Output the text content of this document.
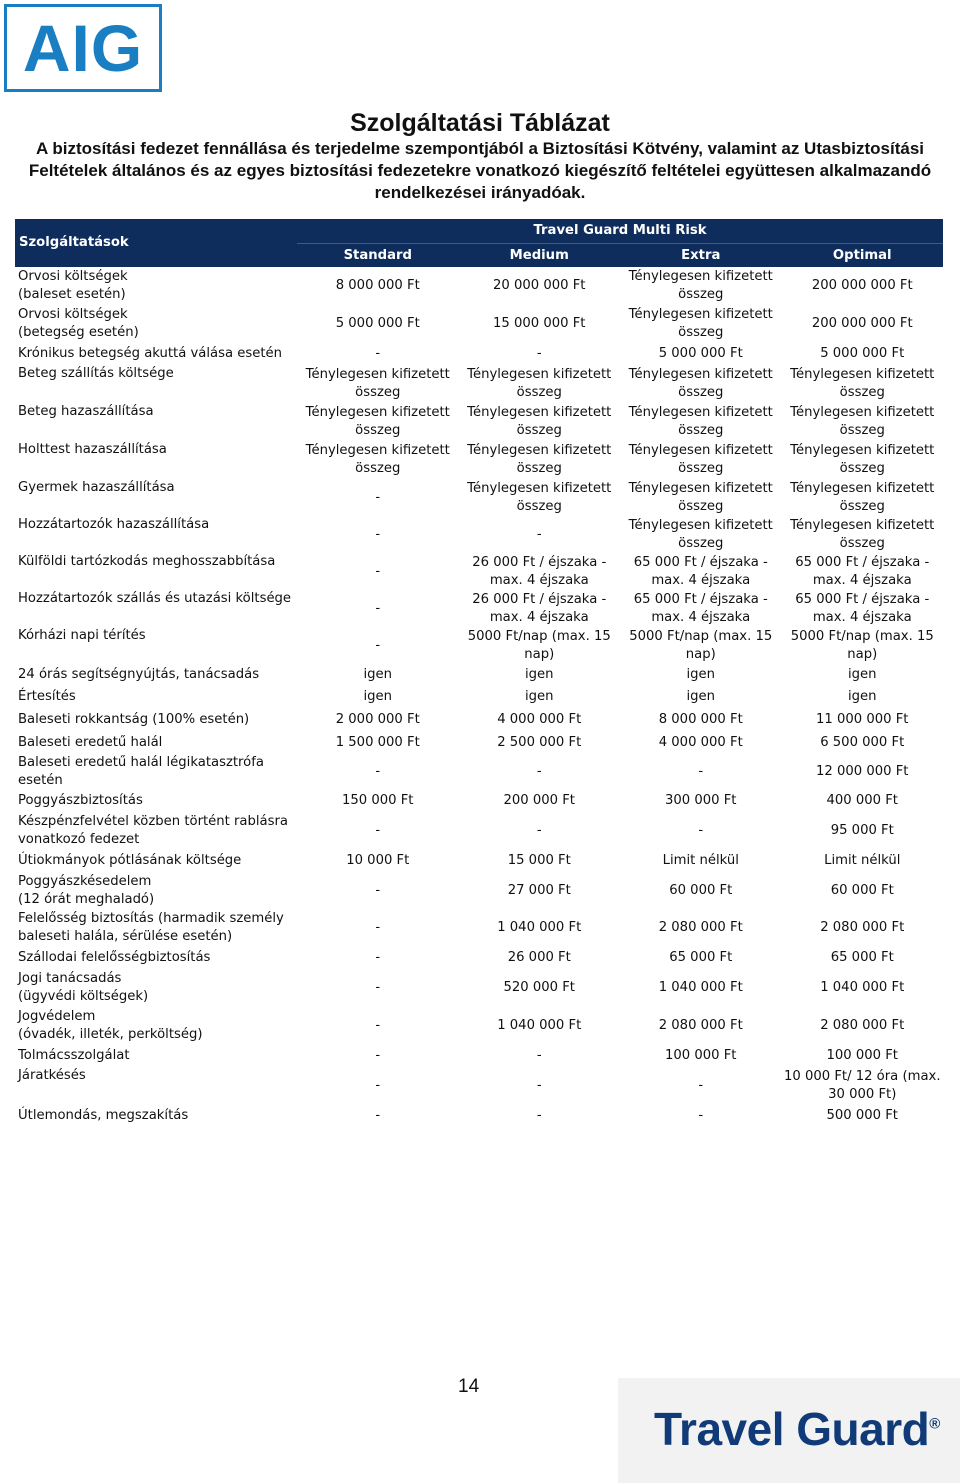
AIG
Szolgáltatási Táblázat
A biztosítási fedezet fennállása és terjedelme szempontjából a Biztosítási Kötvény, valamint az Utasbiztosítási Feltételek általános és az egyes biztosítási fedezetekre vonatkozó kiegészítő feltételei együttesen alkalmazandó rendelkezései irányadóak.
Szolgáltatások	Travel Guard Multi Risk			
	Standard	Medium	Extra	Optimal

Orvosi költségek
(baleset esetén)	8 000 000 Ft	20 000 000 Ft	Ténylegesen kifizetett összeg	200 000 000 Ft

Orvosi költségek
(betegség esetén)	5 000 000 Ft	15 000 000 Ft	Ténylegesen kifizetett összeg	200 000 000 Ft

Krónikus betegség akuttá válása esetén	-	-	5 000 000 Ft	5 000 000 Ft

Beteg szállítás költsége	Ténylegesen kifizetett összeg	Ténylegesen kifizetett összeg	Ténylegesen kifizetett összeg	Ténylegesen kifizetett összeg

Beteg hazaszállítása	Ténylegesen kifizetett összeg	Ténylegesen kifizetett összeg	Ténylegesen kifizetett összeg	Ténylegesen kifizetett összeg

Holttest hazaszállítása	Ténylegesen kifizetett összeg	Ténylegesen kifizetett összeg	Ténylegesen kifizetett összeg	Ténylegesen kifizetett összeg

Gyermek hazaszállítása	-	Ténylegesen kifizetett összeg	Ténylegesen kifizetett összeg	Ténylegesen kifizetett összeg

Hozzátartozók hazaszállítása	-	-	Ténylegesen kifizetett összeg	Ténylegesen kifizetett összeg

Külföldi tartózkodás meghosszabbítása	-	26 000 Ft / éjszaka - max. 4 éjszaka	65 000 Ft / éjszaka - max. 4 éjszaka	65 000 Ft / éjszaka - max. 4 éjszaka

Hozzátartozók szállás és utazási költsége	-	26 000 Ft / éjszaka - max. 4 éjszaka	65 000 Ft / éjszaka - max. 4 éjszaka	65 000 Ft / éjszaka - max. 4 éjszaka

Kórházi napi térítés	-	5000 Ft/nap (max. 15 nap)	5000 Ft/nap (max. 15 nap)	5000 Ft/nap (max. 15 nap)

24 órás segítségnyújtás, tanácsadás	igen	igen	igen	igen

Értesítés	igen	igen	igen	igen

Baleseti rokkantság (100% esetén)	2 000 000 Ft	4 000 000 Ft	8 000 000 Ft	11 000 000 Ft

Baleseti eredetű halál	1 500 000 Ft	2 500 000 Ft	4 000 000 Ft	6 500 000 Ft

Baleseti eredetű halál légikatasztrófa esetén	-	-	-	12 000 000 Ft

Poggyászbiztosítás	150 000 Ft	200 000 Ft	300 000 Ft	400 000 Ft

Készpénzfelvétel közben történt rablásra
vonatkozó fedezet	-	-	-	95 000 Ft

Útiokmányok pótlásának költsége	10 000 Ft	15 000 Ft	Limit nélkül	Limit nélkül

Poggyászkésedelem
(12 órát meghaladó)	-	27 000 Ft	60 000 Ft	60 000 Ft

Felelősség biztosítás (harmadik személy
baleseti halála, sérülése esetén)	-	1 040 000 Ft	2 080 000 Ft	2 080 000 Ft

Szállodai felelősségbiztosítás	-	26 000 Ft	65 000 Ft	65 000 Ft

Jogi tanácsadás
(ügyvédi költségek)	-	520 000 Ft	1 040 000 Ft	1 040 000 Ft

Jogvédelem
(óvadék, illeték, perköltség)	-	1 040 000 Ft	2 080 000 Ft	2 080 000 Ft

Tolmácsszolgálat	-	-	100 000 Ft	100 000 Ft

Járatkésés	-	-	-	10 000 Ft/ 12 óra (max. 30 000 Ft)

Útlemondás, megszakítás	-	-	-	500 000 Ft
14
Travel Guard®
